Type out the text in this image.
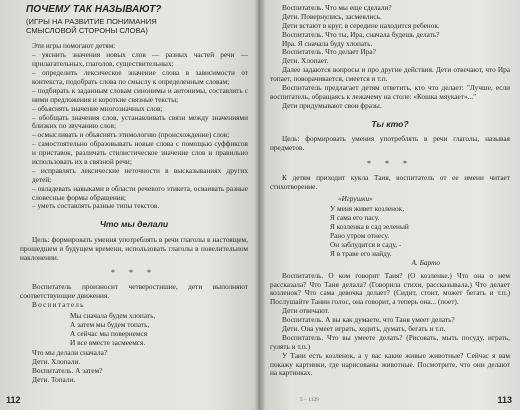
ПОЧЕМУ ТАК НАЗЫВАЮТ?
(ИГРЫ НА РАЗВИТИЕ ПОНИМАНИЯ СМЫСЛОВОЙ СТОРОНЫ СЛОВА)

Эти игры помогают детям:

– уяснить значения новых слов — разных частей речи — прилагательных, глаголов, существительных;
– определить лексическое значение слова в зависимости от контекста, подобрать слова по смыслу к определенным словам;
– подбирать к заданным словам синонимы и антонимы, составлять с ними предложения и короткие связные тексты;
– объяснять значение многозначных слов;
– обобщать значения слов, устанавливать связи между значениями близких по звучанию слов;
– осмысливать и объяснять этимологию (происхождение) слов;
– самостоятельно образовывать новые слова с помощью суффиксов и приставок, различать стилистическое значение слов и правильно использовать их в связной речи;
– исправлять лексические неточности в высказываниях других детей;
– овладевать навыками в области речевого этикета, осваивать разные словесные формы обращения;
– уметь составлять разные типы текстов.
Что мы делали

Цель: формировать умения употреблять в речи глаголы в настоящем, прошедшем и будущем времени, использовать глаголы в повелительном наклонении.

* * *

Воспитатель произносит четверостишие, дети выполняют соответствующие движения.

Воспитатель

Мы сначала будем хлопать,
А затем мы будем топать,
А сейчас мы повернемся
И все вместе засмеемся.

Что мы делали сначала?

Дети. Хлопали.

Воспитатель. А затем?

Дети. Топали.

112

Воспитатель. Что мы еще сделали?

Дети. Повернулись, засмеялись.

Дети встают в круг, в середине находится ребенок.

Воспитатель. Что ты, Ира, сначала будешь делать?

Ира. Я сначала буду хлопать.

Воспитатель. Что делает Ира?

Дети. Хлопает.

Далее задаются вопросы и про другие действия. Дети отвечают, что Ира топает, поворачивается, смеется и т.п.

Воспитатель предлагает детям ответить, кто что делает: "Лучше, если воспитатель, обращаясь к лежачему на столе: «Кошка мяукает»..."

Дети придумывают свои фразы.

Ты кто?

Цель: формировать умения употреблять в речи глаголы, называя предметов.

* * *

К детям приходит кукла Таня, воспитатель от ее имени читает стихотворение.

«Игрушки»
У меня живет козленок,
Я сама его пасу.
Я козленка в сад зеленый
Рано утром отнесу.
Он заблудится в саду, -
Я в траве его найду.
А. Барто

Воспитатель. О ком говорит Таня? (О козленке.) Что она о нем рассказала? Что Таня делала? (Говорила стихи, рассказывала.) Что делает козленок? Что сама девочка делает? (Сидит, стоит, может бегать и т.п.) Послушайте Танин голос, она говорит, а теперь она... (поет).

Дети отвечают.

Воспитатель. А вы как думаете, что Таня умеет делать?

Дети. Она умеет играть, ходить, думать, бегать и т.п.

Воспитатель. Что вы умеете делать? (Рисовать, мыть посуду, играть, гулять и т.п.)

У Тани есть козленок, а у вас какие живые животные? Сейчас я вам покажу картинки, где нарисованы животные. Посмотрите, что они делают на картинках.

5 – 1129	113
